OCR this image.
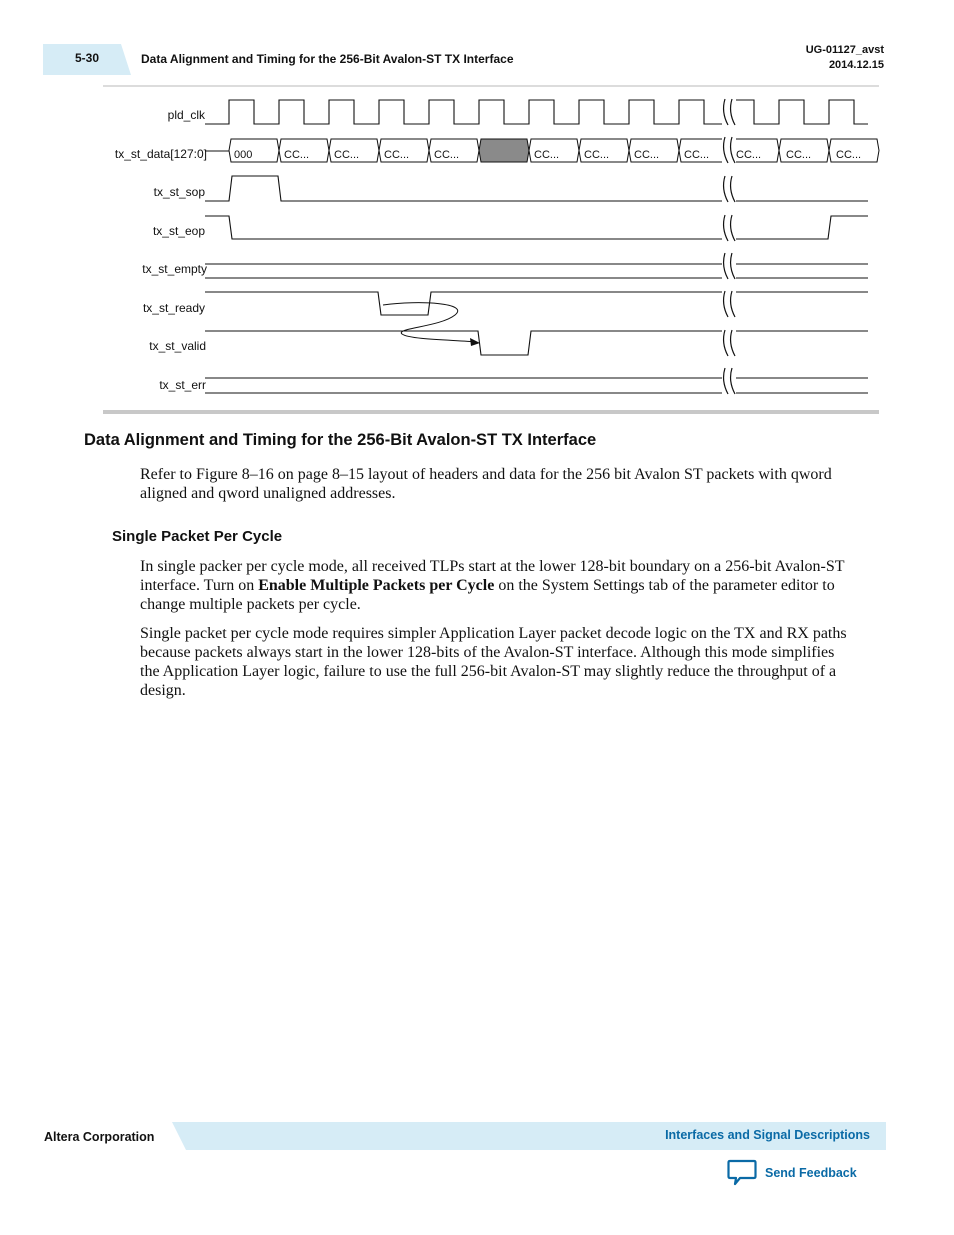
5-30	Data Alignment and Timing for the 256-Bit Avalon-ST TX Interface
UG-01127_avst
2014.12.15
pld_clk
tx_st_data[127:0]
tx_st_sop
tx_st_eop
tx_st_empty
tx_st_ready
tx_st_valid
tx_st_err
000	CC... CC... CC... CC...	CC... CC... CC... CC... CC... CC... CC...
Data Alignment and Timing for the 256-Bit Avalon-ST TX Interface

Refer to Figure 8–16 on page 8–15 layout of headers and data for the 256 bit Avalon ST packets with qword aligned and qword unaligned addresses.

Single Packet Per Cycle

In single packer per cycle mode, all received TLPs start at the lower 128-bit boundary on a 256-bit Avalon-ST interface. Turn on Enable Multiple Packets per Cycle on the System Settings tab of the parameter editor to change multiple packets per cycle.

Single packet per cycle mode requires simpler Application Layer packet decode logic on the TX and RX paths because packets always start in the lower 128-bits of the Avalon-ST interface. Although this mode simplifies the Application Layer logic, failure to use the full 256-bit Avalon-ST may slightly reduce the throughput of a design.

Altera Corporation	Interfaces and Signal Descriptions
Send Feedback
